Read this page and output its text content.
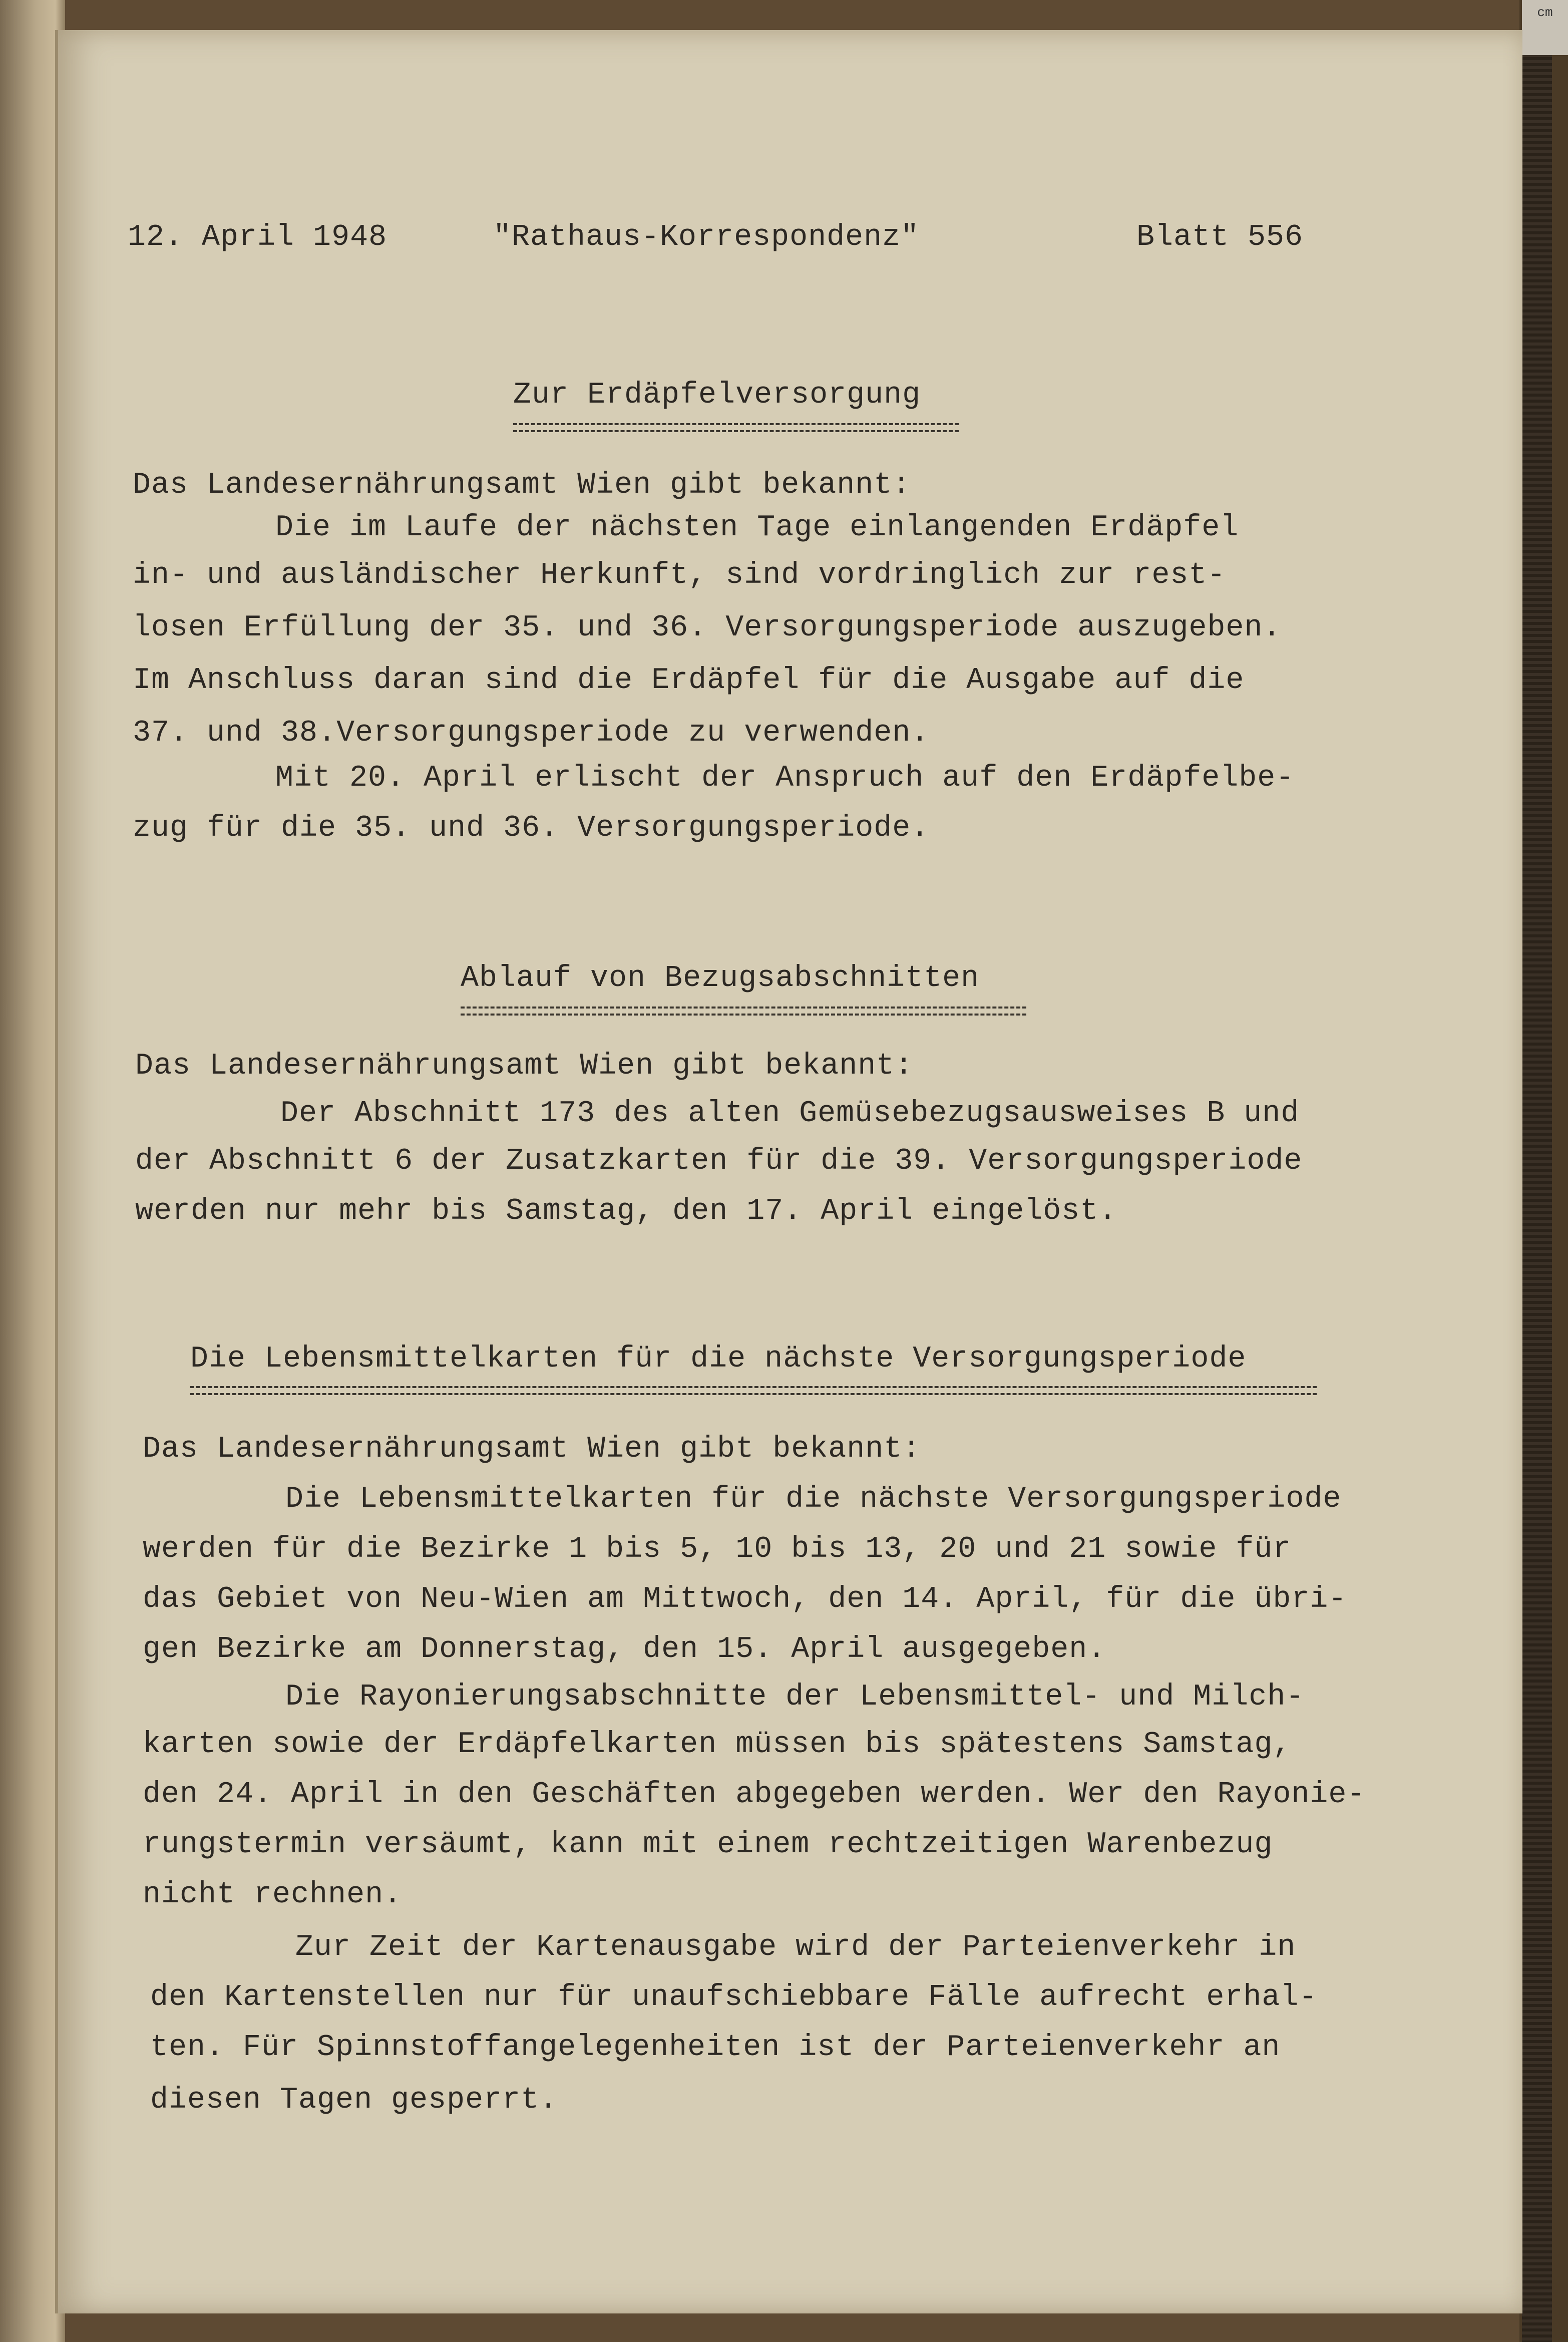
cm
12. April 1948	"Rathaus-Korrespondenz"	Blatt 556
Zur Erdäpfelversorgung
Das Landesernährungsamt Wien gibt bekannt:
Die im Laufe der nächsten Tage einlangenden Erdäpfel
in- und ausländischer Herkunft, sind vordringlich zur rest-
losen Erfüllung der 35. und 36. Versorgungsperiode auszugeben.
Im Anschluss daran sind die Erdäpfel für die Ausgabe auf die
37. und 38.Versorgungsperiode zu verwenden.
Mit 20. April erlischt der Anspruch auf den Erdäpfelbe-
zug für die 35. und 36. Versorgungsperiode.
Ablauf von Bezugsabschnitten
Das Landesernährungsamt Wien gibt bekannt:
Der Abschnitt 173 des alten Gemüsebezugsausweises B und
der Abschnitt 6 der Zusatzkarten für die 39. Versorgungsperiode
werden nur mehr bis Samstag, den 17. April eingelöst.
Die Lebensmittelkarten für die nächste Versorgungsperiode
Das Landesernährungsamt Wien gibt bekannt:
Die Lebensmittelkarten für die nächste Versorgungsperiode
werden für die Bezirke 1 bis 5, 10 bis 13, 20 und 21 sowie für
das Gebiet von Neu-Wien am Mittwoch, den 14. April, für die übri-
gen Bezirke am Donnerstag, den 15. April ausgegeben.
Die Rayonierungsabschnitte der Lebensmittel- und Milch-
karten sowie der Erdäpfelkarten müssen bis spätestens Samstag,
den 24. April in den Geschäften abgegeben werden. Wer den Rayonie-
rungstermin versäumt, kann mit einem rechtzeitigen Warenbezug
nicht rechnen.
Zur Zeit der Kartenausgabe wird der Parteienverkehr in
den Kartenstellen nur für unaufschiebbare Fälle aufrecht erhal-
ten. Für Spinnstoffangelegenheiten ist der Parteienverkehr an
diesen Tagen gesperrt.
